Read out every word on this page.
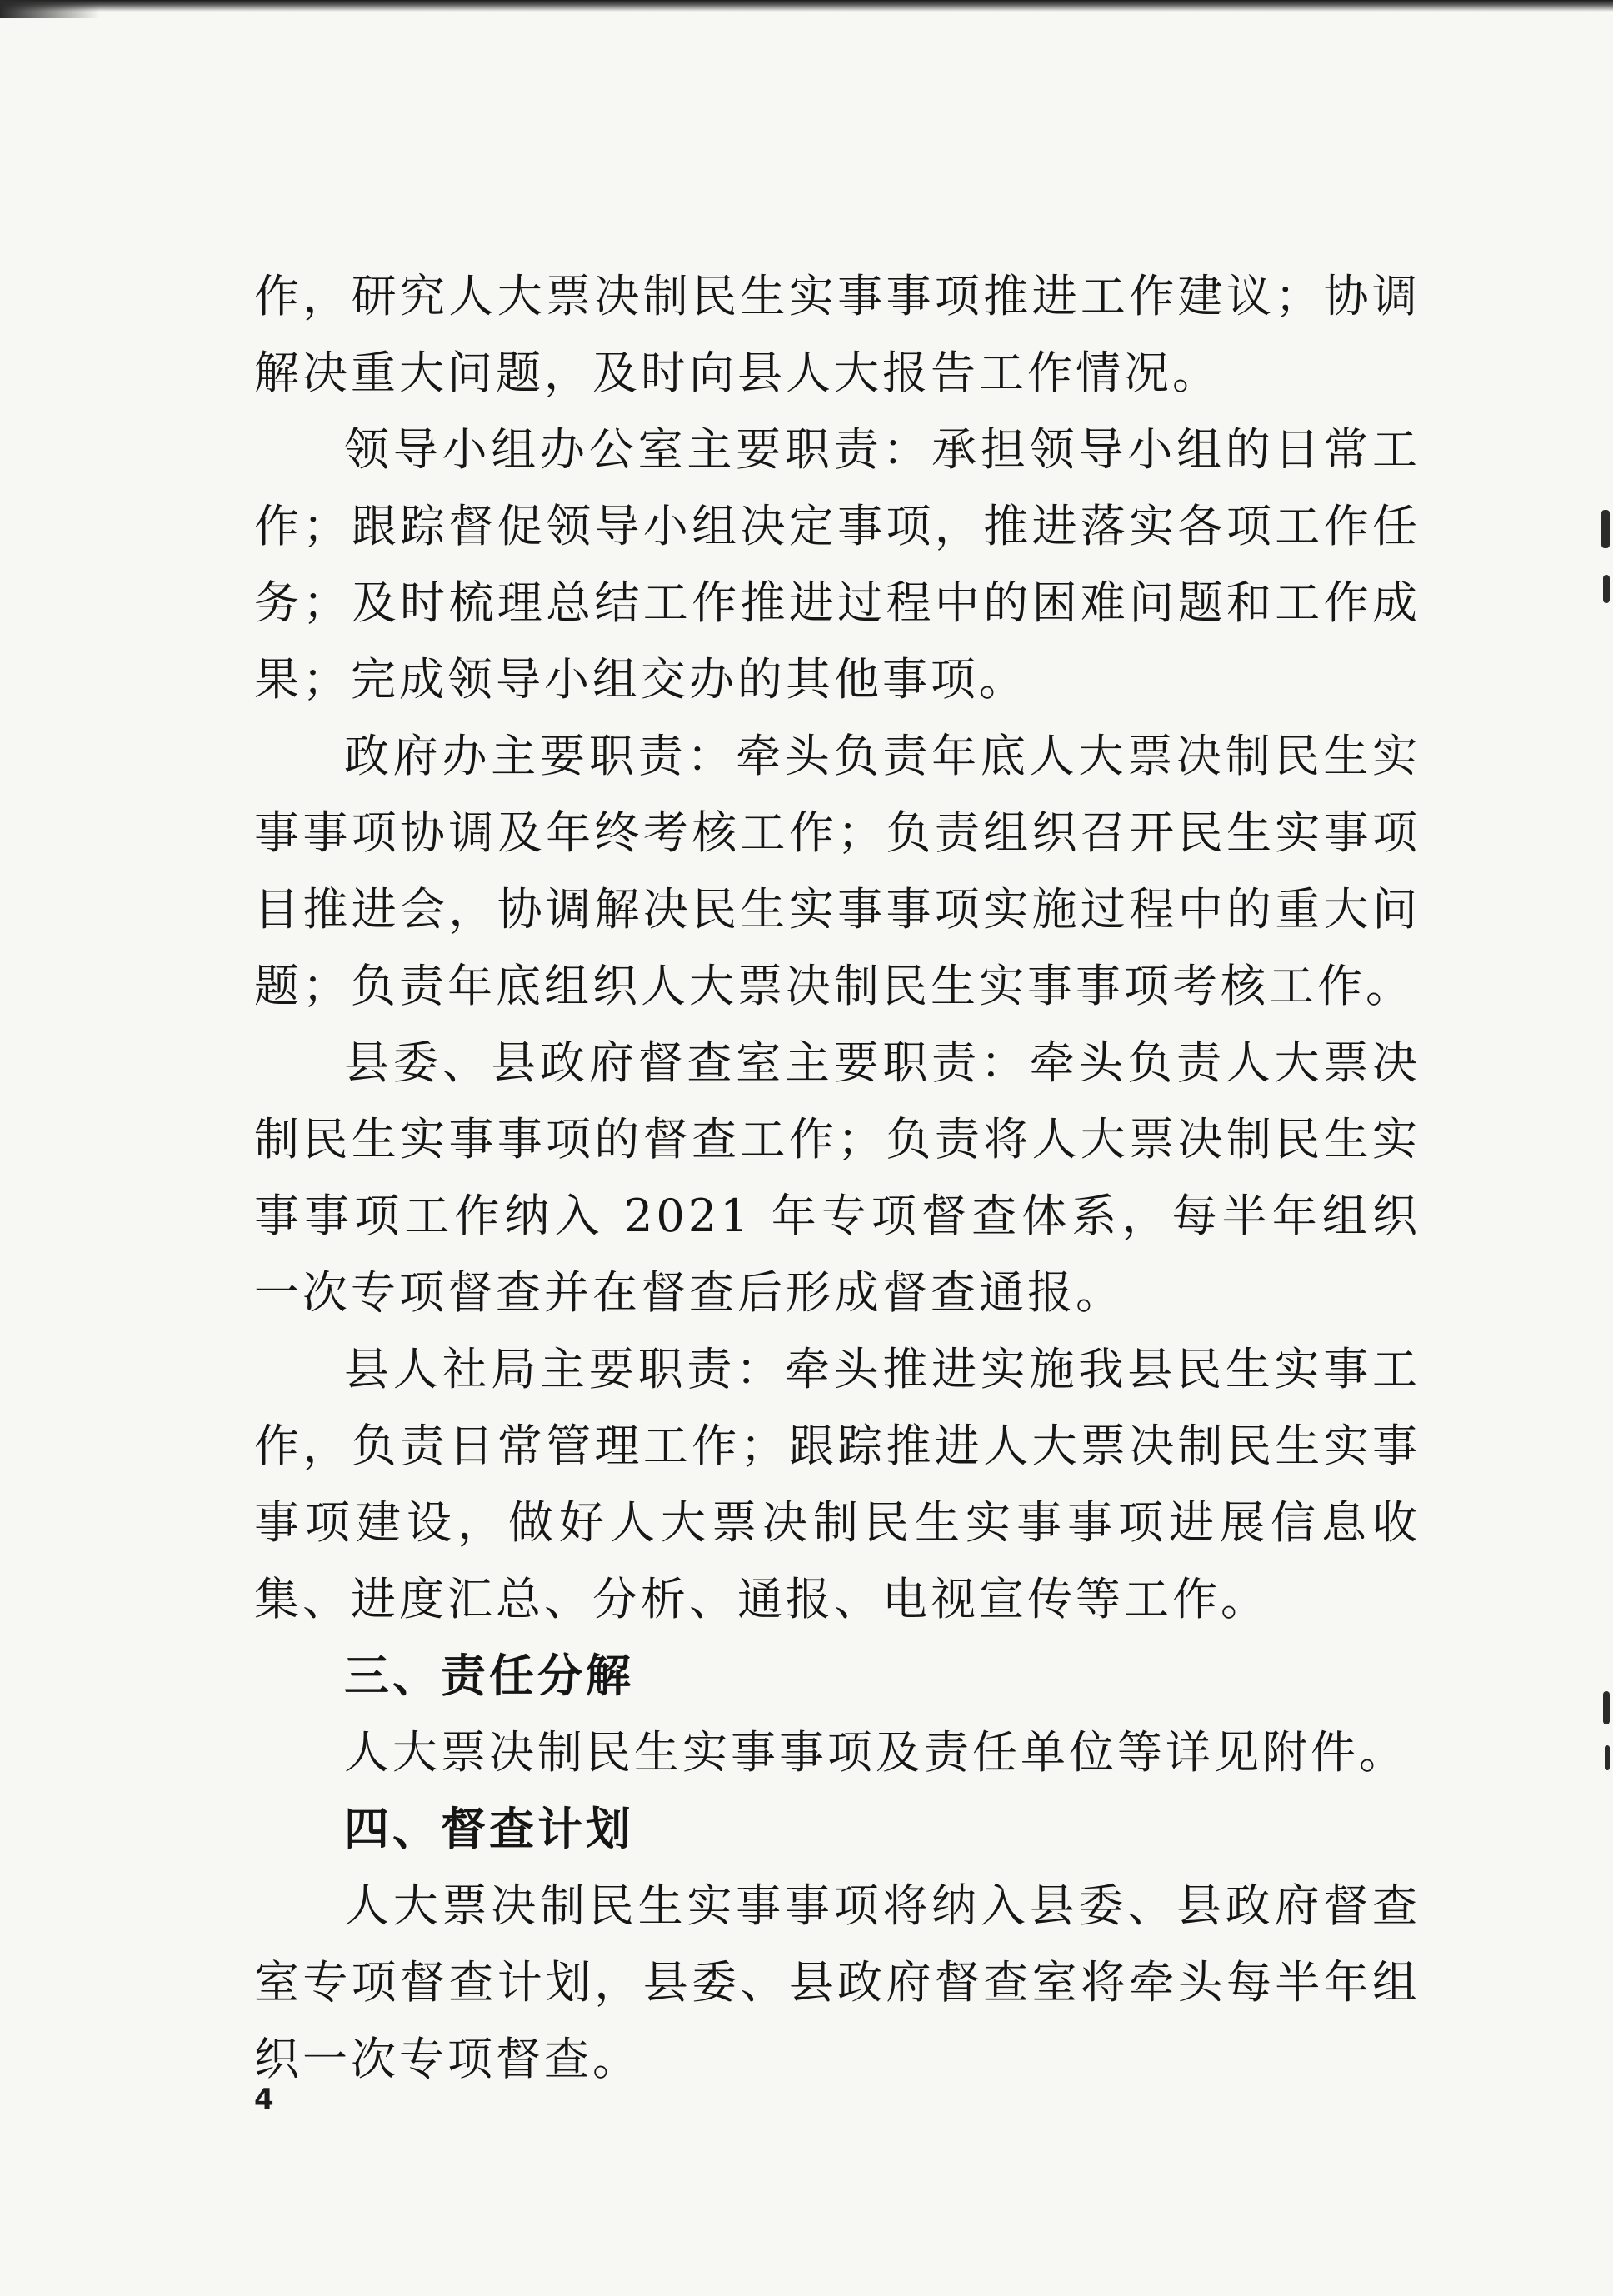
作，研究人大票决制民生实事事项推进工作建议；协调解决重大问题，及时向县人大报告工作情况。

领导小组办公室主要职责：承担领导小组的日常工作；跟踪督促领导小组决定事项，推进落实各项工作任务；及时梳理总结工作推进过程中的困难问题和工作成果；完成领导小组交办的其他事项。

政府办主要职责：牵头负责年底人大票决制民生实事事项协调及年终考核工作；负责组织召开民生实事项目推进会，协调解决民生实事事项实施过程中的重大问题；负责年底组织人大票决制民生实事事项考核工作。

县委、县政府督查室主要职责：牵头负责人大票决制民生实事事项的督查工作；负责将人大票决制民生实事事项工作纳入 2021 年专项督查体系，每半年组织一次专项督查并在督查后形成督查通报。

县人社局主要职责：牵头推进实施我县民生实事工作，负责日常管理工作；跟踪推进人大票决制民生实事事项建设，做好人大票决制民生实事事项进展信息收集、进度汇总、分析、通报、电视宣传等工作。

三、责任分解

人大票决制民生实事事项及责任单位等详见附件。

四、督查计划

人大票决制民生实事事项将纳入县委、县政府督查室专项督查计划，县委、县政府督查室将牵头每半年组织一次专项督查。

4
